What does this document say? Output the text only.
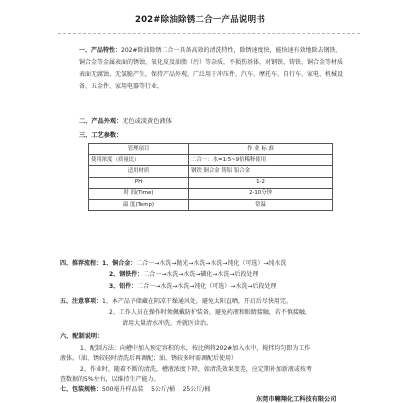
202#除油除锈二合一产品说明书
一、产品特性：202#除油除锈二合一具备高效的清洗特性，除锈速度快，能快速有效地除去钢铁、铜合金等金属表面的锈蚀、氧化皮及油脂（污）等杂质，不损伤基体，对钢铁、铸铁、铜合金等材质表面无腐蚀、无氢脆产生，保持产品外观，广泛用于冲压件、汽车、摩托车、自行车、家电、机械设备、五金件、家用电器等行业。
二、产品外观：无色或淡黄色液体
三、工艺参数：
管理项目	作 业 标 准
使用浓度（质量比）	二合一：水=1:5~9倍稀释使用
适用材质	钢铁 铜合金 铸铝 铝合金
PH	1-2
时 间(Time)	2-10分钟
温 度(Temp)	常温
四、推荐流程：1、铜合金：二合一→水洗→抛光→水洗→水洗→钝化（可选）→纯水洗
2、钢铁件：二合一→水洗→水洗→磷化→水洗→后段处理
3、铝件：二合一→水洗→水洗→钝化（可选）→水洗→后段处理
五、注意事项：1、本产品予储藏在阴凉干燥通风处，避免太阳直晒，开启后尽快用完。
2、工作人员在操作时须佩戴防护装备，避免药液和眼睛接触，若不慎接触，
请用大量清水冲洗，并就医诊治。
六、配制说明：
1、配制方法：向槽中加入预定容积的水，按比例将202#加入水中，搅拌均匀即为工作
液体。（油、锈较轻时清洗后再调配；油、锈较多时需调配后使用）
2、作业时，随着不断的清洗，槽液浓度下降，如清洗效果变差，应定期补加新液或按考
查数据的5%左右，以维持生产能力。
七、包装规格：500毫升样品装 5公斤/桶 25公斤/桶
东莞市翱翔化工科技有限公司
